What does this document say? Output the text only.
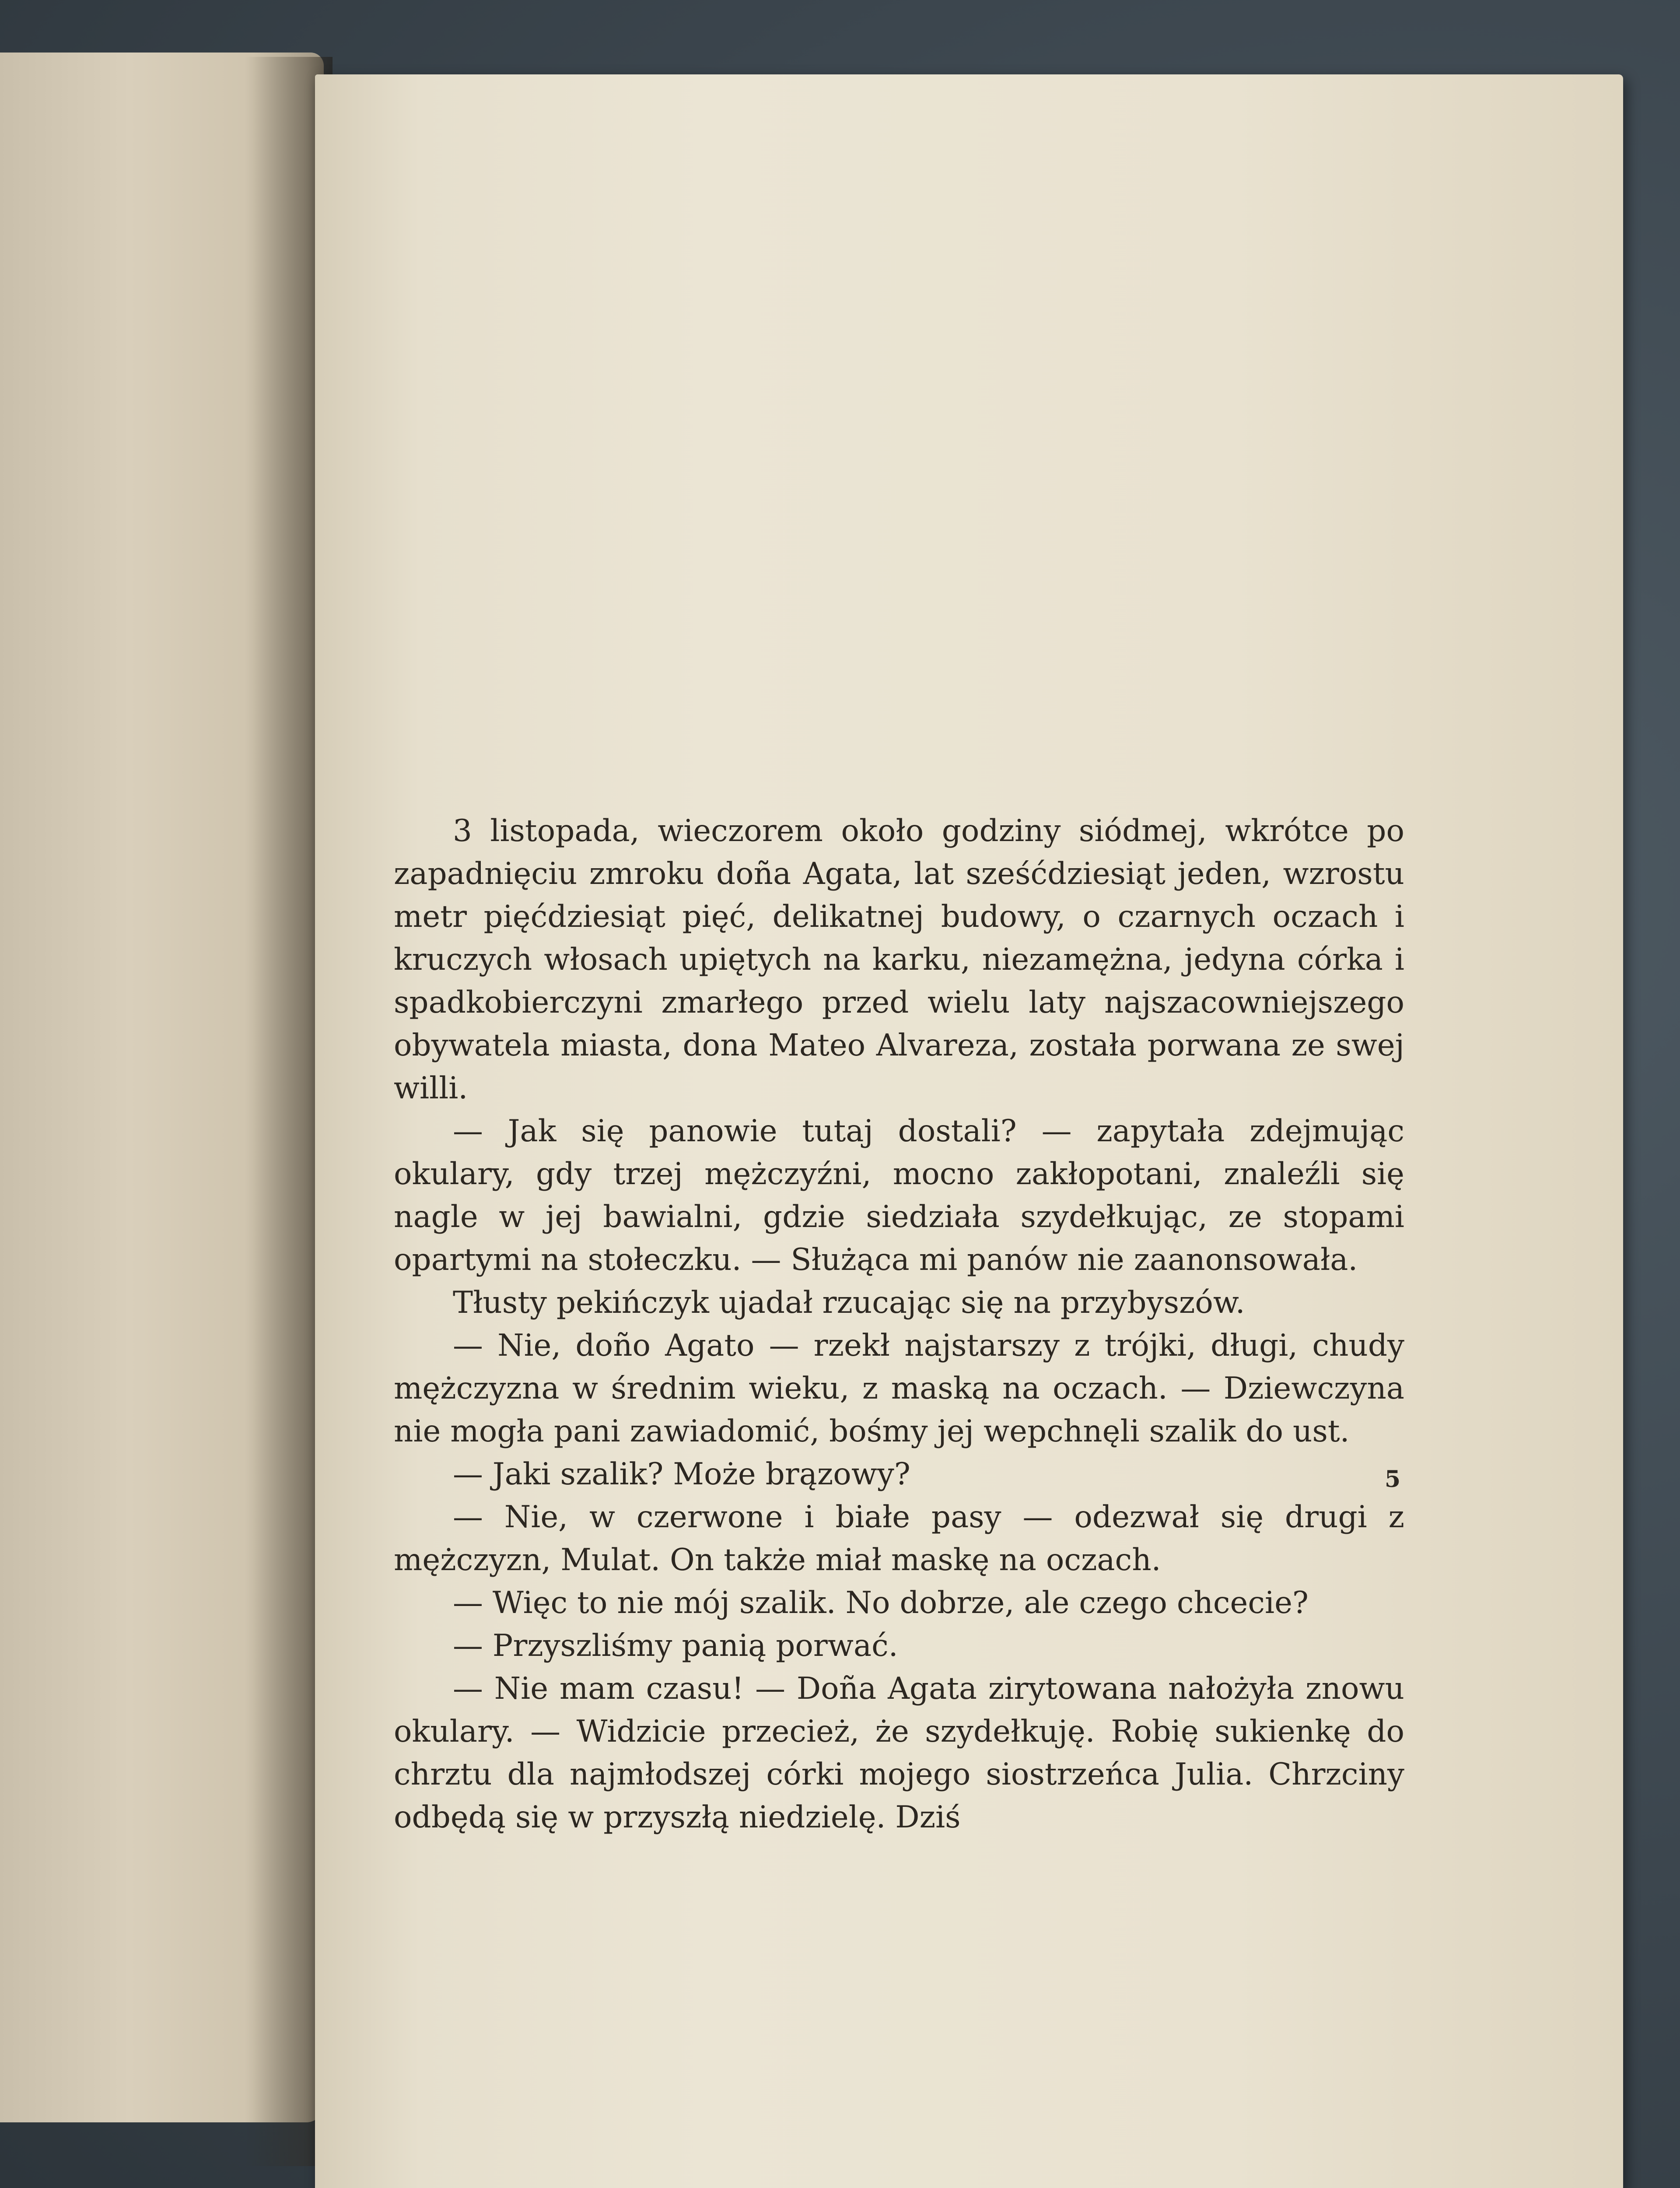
3 listopada, wieczorem około godziny siódmej, wkrótce po zapadnięciu zmroku doña Agata, lat sześćdziesiąt jeden, wzrostu metr pięćdziesiąt pięć, delikatnej budowy, o czarnych oczach i kruczych włosach upiętych na karku, niezamężna, jedyna córka i spadkobierczyni zmarłego przed wielu laty najszacowniejszego obywatela miasta, dona Mateo Alvareza, została porwana ze swej willi.

— Jak się panowie tutaj dostali? — zapytała zdejmując okulary, gdy trzej mężczyźni, mocno zakłopotani, znaleźli się nagle w jej bawialni, gdzie siedziała szydełkując, ze stopami opartymi na stołeczku. — Służąca mi panów nie zaanonsowała.

Tłusty pekińczyk ujadał rzucając się na przybyszów.

— Nie, doño Agato — rzekł najstarszy z trójki, długi, chudy mężczyzna w średnim wieku, z maską na oczach. — Dziewczyna nie mogła pani zawiadomić, bośmy jej wepchnęli szalik do ust.

— Jaki szalik? Może brązowy?

— Nie, w czerwone i białe pasy — odezwał się drugi z mężczyzn, Mulat. On także miał maskę na oczach.

— Więc to nie mój szalik. No dobrze, ale czego chcecie?

— Przyszliśmy panią porwać.

— Nie mam czasu! — Doña Agata zirytowana nałożyła znowu okulary. — Widzicie przecież, że szydełkuję. Robię sukienkę do chrztu dla najmłodszej córki mojego siostrzeńca Julia. Chrzciny odbędą się w przyszłą niedzielę. Dziś

5
